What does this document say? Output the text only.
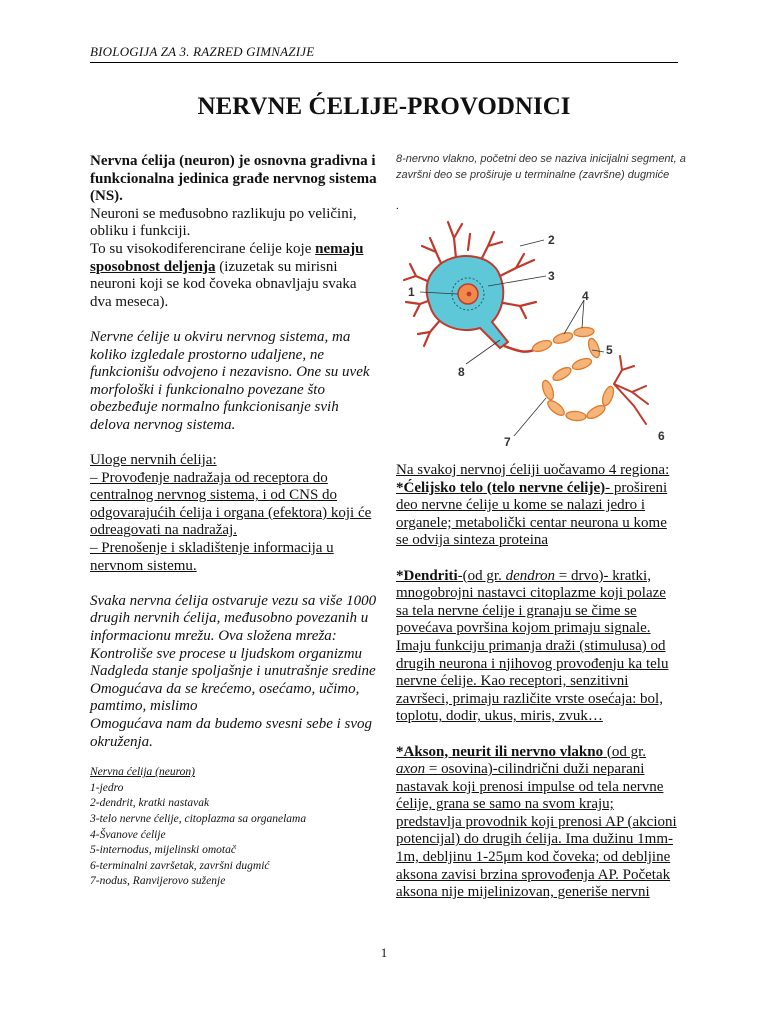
BIOLOGIJA ZA 3. RAZRED GIMNAZIJE
NERVNE ĆELIJE-PROVODNICI

Nervna ćelija (neuron) je osnovna gradivna i funkcionalna jedinica građe nervnog sistema (NS).

Neuroni se međusobno razlikuju po veličini, obliku i funkciji.

To su visokodiferencirane ćelije koje nemaju sposobnost deljenja (izuzetak su mirisni neuroni koji se kod čoveka obnavljaju svaka dva meseca).

Nervne ćelije u okviru nervnog sistema, ma koliko izgledale prostorno udaljene, ne funkcionišu odvojeno i nezavisno. One su uvek morfološki i funkcionalno povezane što obezbeđuje normalno funkcionisanje svih delova nervnog sistema.

Uloge nervnih ćelija:

– Provođenje nadražaja od receptora do centralnog nervnog sistema, i od CNS do odgovarajućih ćelija i organa (efektora) koji će odreagovati na nadražaj.

– Prenošenje i skladištenje informacija u nervnom sistemu.

Svaka nervna ćelija ostvaruje vezu sa više 1000 drugih nervnih ćelija, međusobno povezanih u informacionu mrežu. Ova složena mreža:

Kontroliše sve procese u ljudskom organizmu

Nadgleda stanje spoljašnje i unutrašnje sredine

Omogućava da se krećemo, osećamo, učimo, pamtimo, mislimo

Omogućava nam da budemo svesni sebe i svog okruženja.

Nervna ćelija (neuron)

1-jedro

2-dendrit, kratki nastavak

3-telo nervne ćelije, citoplazma sa organelama

4-Švanove ćelije

5-internodus, mijelinski omotač

6-terminalni završetak, završni dugmić

7-nodus, Ranvijerovo suženje

8-nervno vlakno, početni deo se naziva inicijalni segment, a završni deo se proširuje u terminalne (završne) dugmiće
.
1
2
3
4
5
6
7
8

Na svakoj nervnoj ćeliji uočavamo 4 regiona:

*Ćelijsko telo (telo nervne ćelije)- prošireni deo nervne ćelije u kome se nalazi jedro i organele; metabolički centar neurona u kome se odvija sinteza proteina

*Dendriti-(od gr. dendron = drvo)- kratki, mnogobrojni nastavci citoplazme koji polaze sa tela nervne ćelije i granaju se čime se povećava površina kojom primaju signale. Imaju funkciju primanja draži (stimulusa) od drugih neurona i njihovog provođenju ka telu nervne ćelije. Kao receptori, senzitivni završeci, primaju različite vrste osećaja: bol, toplotu, dodir, ukus, miris, zvuk…

*Akson, neurit ili nervno vlakno (od gr. axon = osovina)-cilindrični duži neparani nastavak koji prenosi impulse od tela nervne ćelije, grana se samo na svom kraju; predstavlja provodnik koji prenosi AP (akcioni potencijal) do drugih ćelija. Ima dužinu 1mm-1m, debljinu 1-25μm kod čoveka; od debljine aksona zavisi brzina sprovođenja AP. Početak aksona nije mijelinizovan, generiše nervni

1
